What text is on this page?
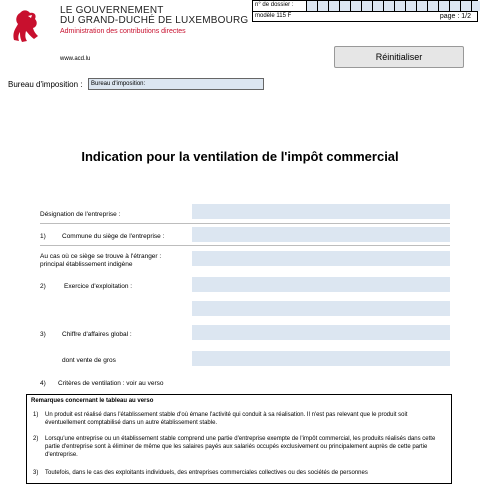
LE GOUVERNEMENT
DU GRAND-DUCHÉ DE LUXEMBOURG
Administration des contributions directes
www.acd.lu
n° de dossier :
modèle 115 F	page : 1/2
Réinitialiser
Bureau d'imposition :	Bureau d'imposition:
Indication pour la ventilation de l'impôt commercial
Désignation de l'entreprise :
1) Commune du siège de l'entreprise :
Au cas où ce siège se trouve à l'étranger :
principal établissement indigène
2)	Exercice d'exploitation :
3) Chiffre d'affaires global :
dont vente de gros
4) Critères de ventilation : voir au verso
Remarques concernant le tableau au verso
1)	Un produit est réalisé dans l'établissement stable d'où émane l'activité qui conduit à sa réalisation. Il n'est pas relevant que le produit soit éventuellement comptabilisé dans un autre établissement stable.
2)	Lorsqu'une entreprise ou un établissement stable comprend une partie d'entreprise exempte de l'impôt commercial, les produits réalisés dans cette partie d'entreprise sont à éliminer de même que les salaires payés aux salariés occupés exclusivement ou principalement auprès de cette partie d'entreprise.
3)	Toutefois, dans le cas des exploitants individuels, des entreprises commerciales collectives ou des sociétés de personnes
